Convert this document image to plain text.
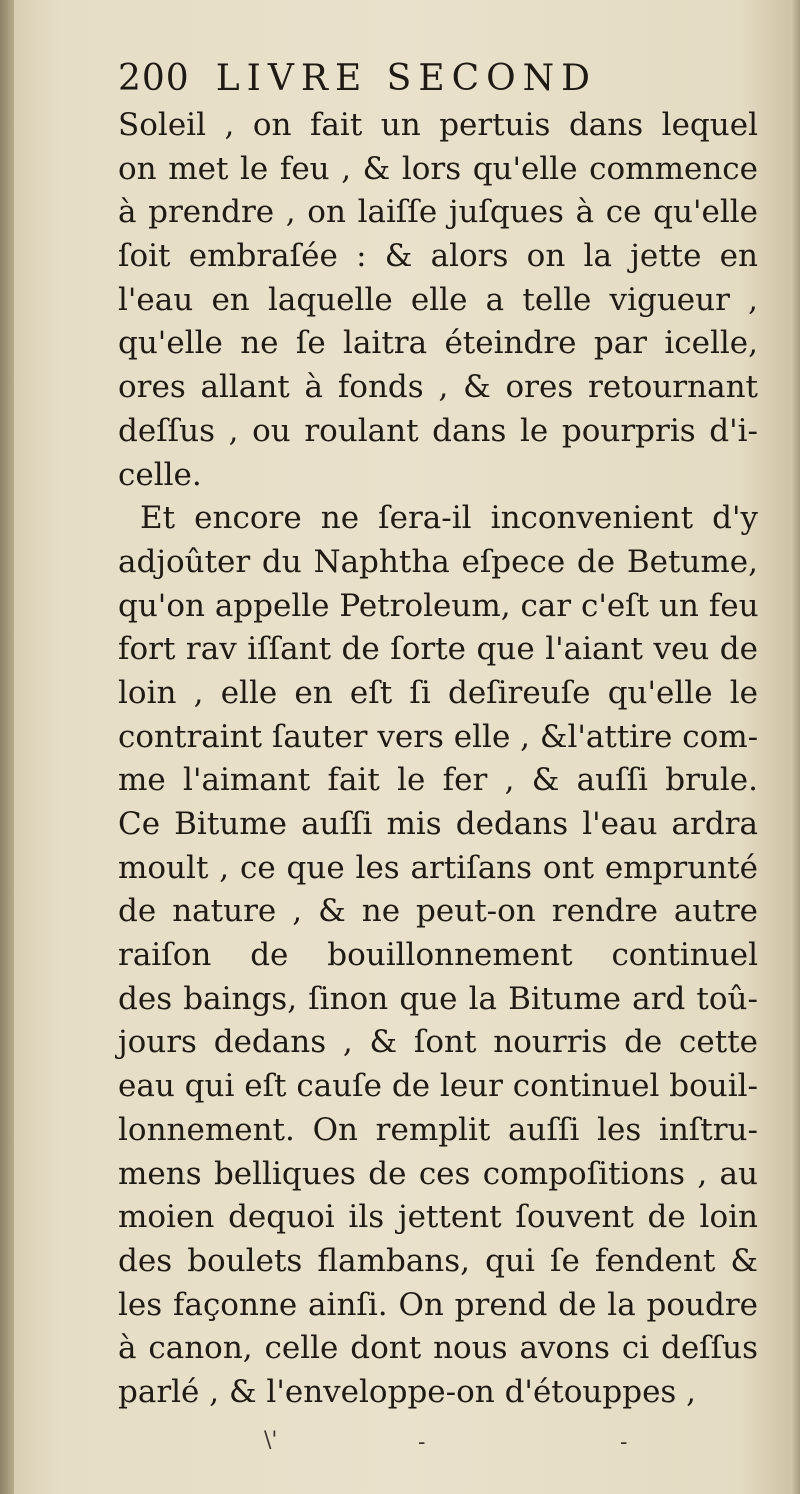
200 LIVRE SECOND
Soleil , on fait un pertuis dans lequel
on met le feu , & lors qu'elle commence
à prendre , on laiſſe juſques à ce qu'elle
ſoit embraſée : & alors on la jette en
l'eau en laquelle elle a telle vigueur ,
qu'elle ne ſe laitra éteindre par icelle,
ores allant à fonds , & ores retournant
deſſus , ou roulant dans le pourpris d'i-
celle.
Et encore ne ſera-il inconvenient d'y
adjoûter du Naphtha eſpece de Betume,
qu'on appelle Petroleum, car c'eſt un feu
fort rav iſſant de ſorte que l'aiant veu de
loin , elle en eſt ſi deſireuſe qu'elle le
contraint ſauter vers elle , &l'attire com-
me l'aimant fait le fer , & auſſi brule.
Ce Bitume auſſi mis dedans l'eau ardra
moult , ce que les artiſans ont emprunté
de nature , & ne peut-on rendre autre
raiſon de bouillonnement continuel
des baings, ſinon que la Bitume ard toû-
jours dedans , & ſont nourris de cette
eau qui eſt cauſe de leur continuel bouil-
lonnement. On remplit auſſi les inſtru-
mens belliques de ces compoſitions , au
moien dequoi ils jettent ſouvent de loin
des boulets flambans, qui ſe fendent &
les façonne ainſi. On prend de la poudre
à canon, celle dont nous avons ci deſſus
parlé , & l'enveloppe-on d'étouppes ,
\'	-	-
